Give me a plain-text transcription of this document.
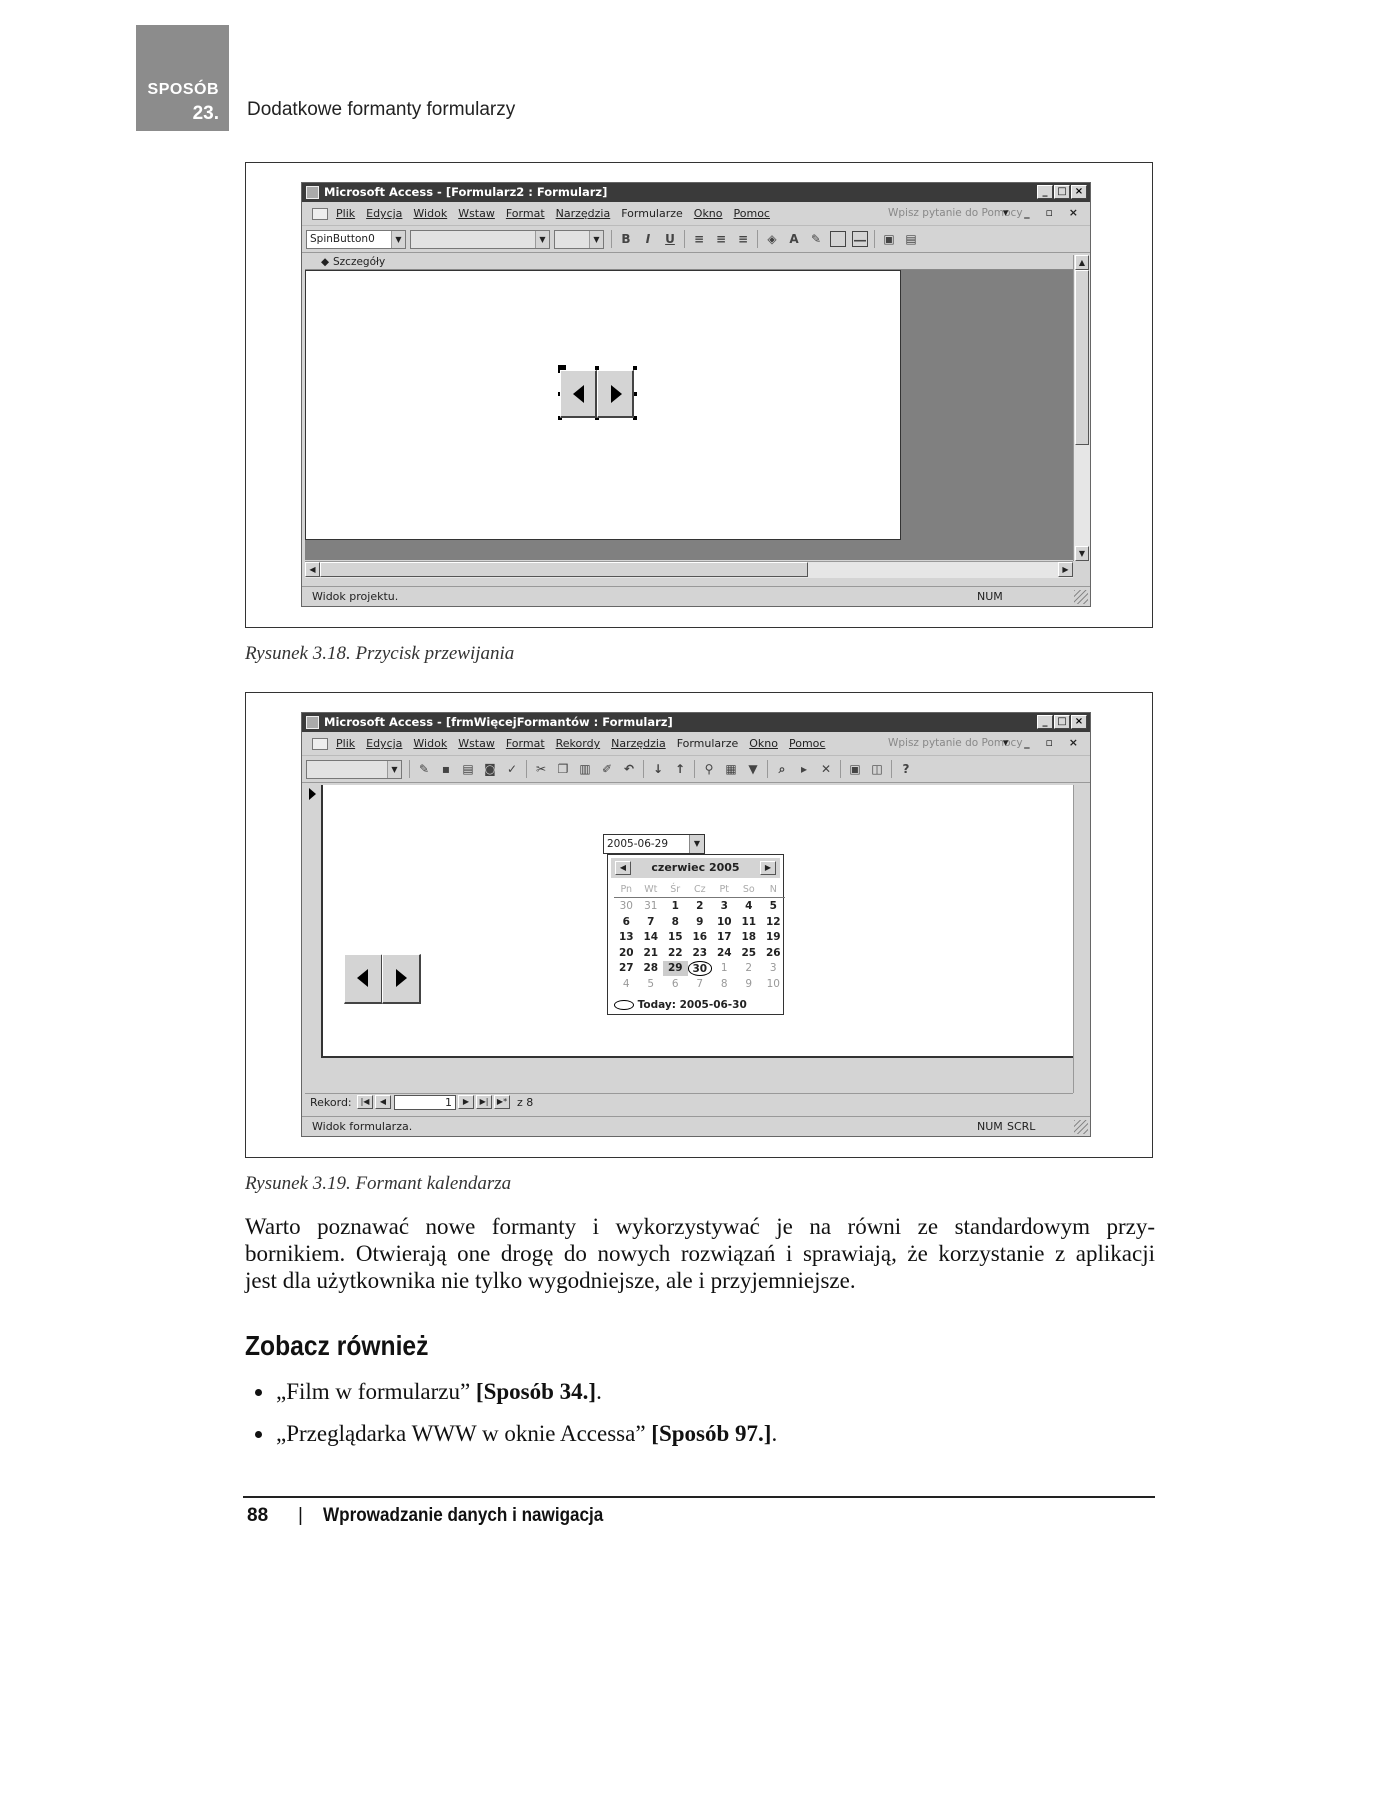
SPOSÓB
23. Dodatkowe formanty formularzy
Microsoft Access - [Formularz2 : Formularz]	_ □ ×
Plik Edycja Widok Wstaw Format Narzędzia Formularze Okno Pomoc	Wpisz pytanie do Pomocy
▾ _ ▫ ×
SpinButton0	▼	▼	▼ B	I	U ≡ ≡ ≡ ◈ A ✎
	― ▣ ▤
◆ Szczegóły	▲
▼
◀	▶
Widok projektu.	NUM
Rysunek 3.18. Przycisk przewijania
Microsoft Access - [frmWięcejFormantów : Formularz]	_ □ ×
Plik Edycja Widok Wstaw Format Rekordy Narzędzia Formularze Okno Pomoc	Wpisz pytanie do Pomocy
▾ _ ▫ ×
▼ ✎	▪	▤ ◙ ✓ ✂ ❐ ▥ ✐ ↶ ↓ ↑ ⚲ ▦ ▼	⌕	▸	✕ ▣ ◫	?
2005-06-29	▼
◀	czerwiec 2005	▶
Pn	Wt	Śr	Cz	Pt	So	N
30	31	1	2	3	4	5
6	7	8	9	10 11 12
13 14 15 16 17 18 19
20 21 22 23 24 25 26
27 28 29 30	1	2	3
4	5	6	7	8	9	10
Today: 2005-06-30
Rekord:	|◀	◀	1	▶	▶|	▶* z 8
Widok formularza.	NUM SCRL
Rysunek 3.19. Formant kalendarza
Warto poznawać nowe formanty i wykorzystywać je na równi ze standardowym przy-
bornikiem. Otwierają one drogę do nowych rozwiązań i sprawiają, że korzystanie z aplikacji
jest dla użytkownika nie tylko wygodniejsze, ale i przyjemniejsze.
Zobacz również
„Film w formularzu” [Sposób 34.].
„Przeglądarka WWW w oknie Accessa” [Sposób 97.].
88 | Wprowadzanie danych i nawigacja
